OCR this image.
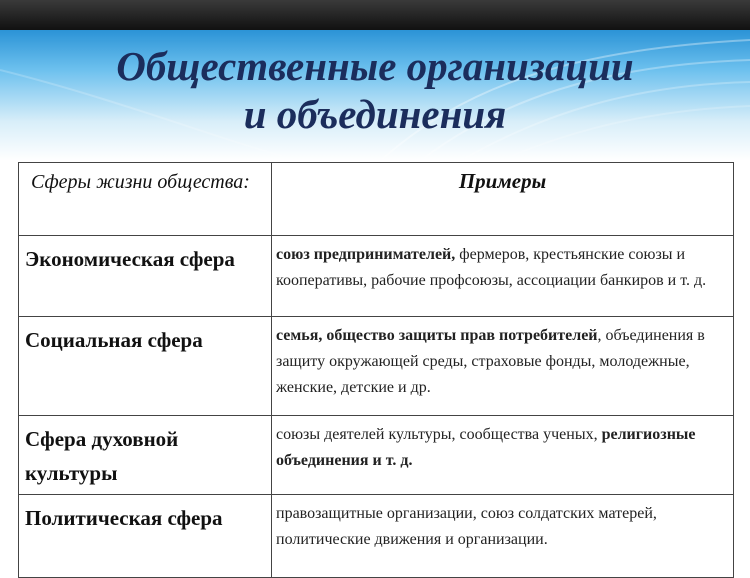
Общественные организации
и объединения
Сферы жизни общества:	Примеры
Экономическая сфера	союз предпринимателей, фермеров, крестьянские союзы и кооперативы, рабочие профсоюзы, ассоциации банкиров и т. д.
Социальная сфера	семья, общество защиты прав потребителей, объединения в защиту окружающей среды, страховые фонды, молодежные, женские, детские и др.
Сфера духовной культуры	союзы деятелей культуры, сообщества ученых, религиозные объединения и т. д.
Политическая сфера	правозащитные организации, союз солдатских матерей, политические движения и организации.
